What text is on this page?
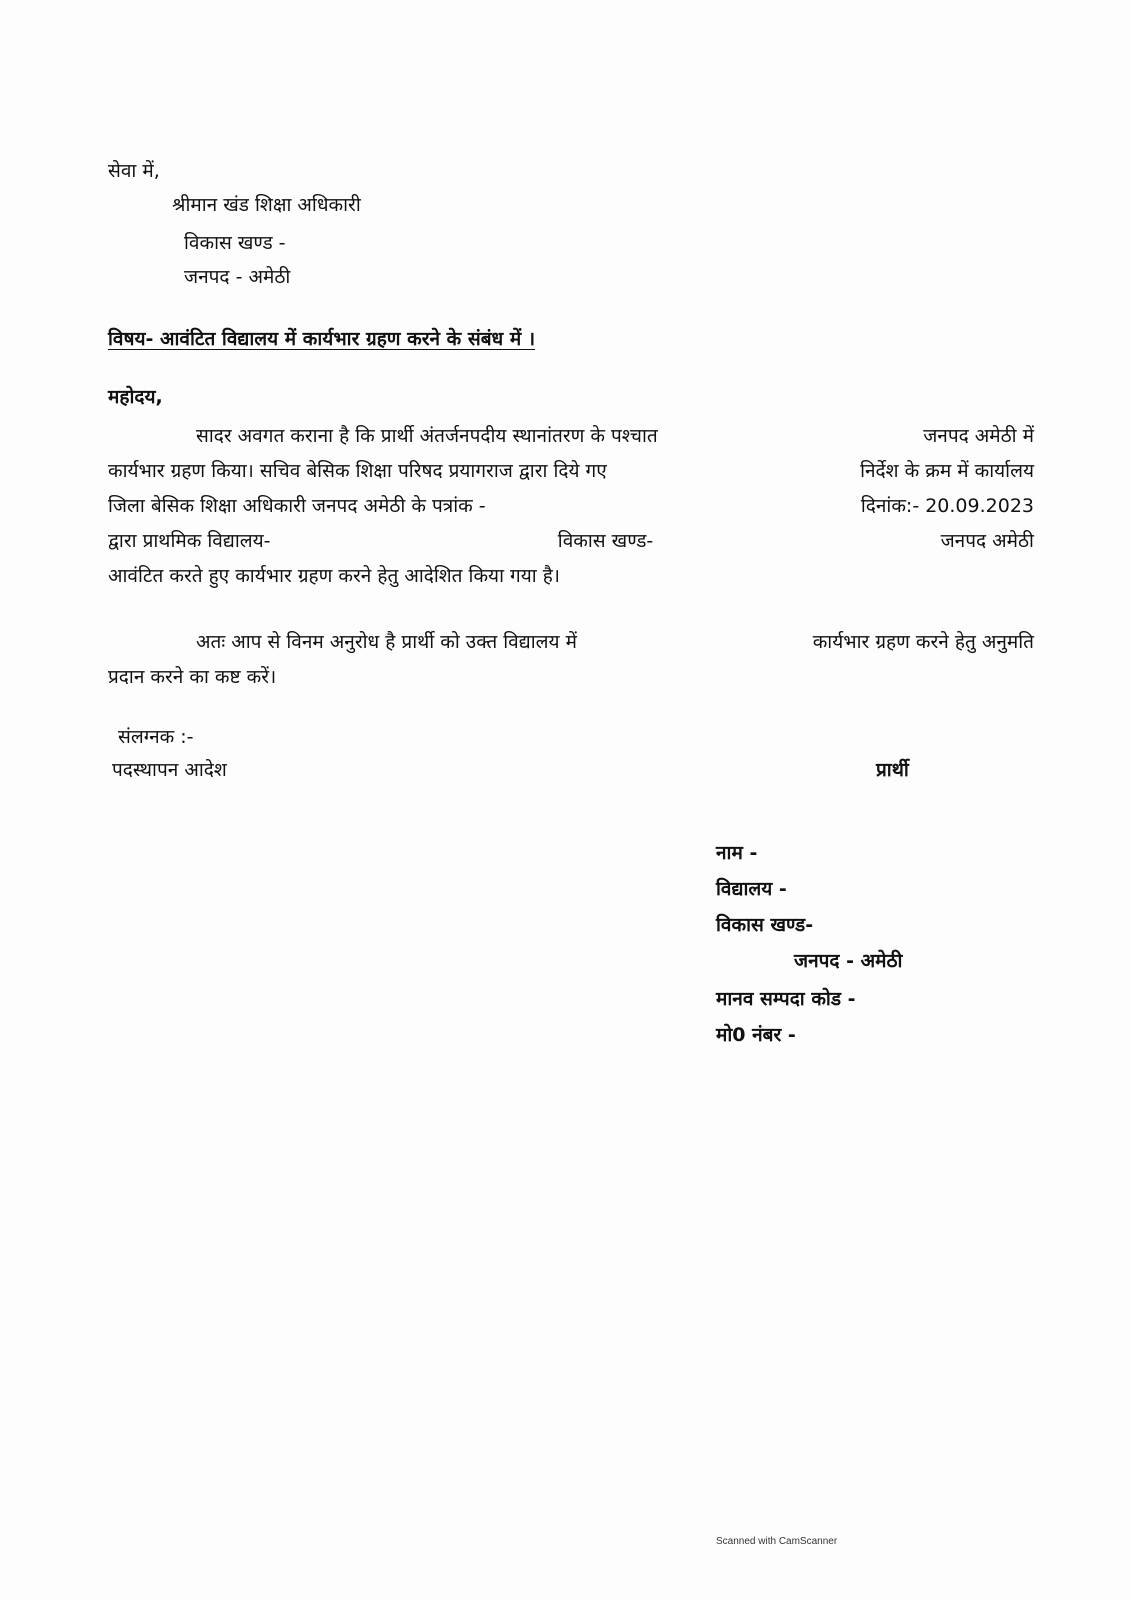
सेवा में,
श्रीमान खंड शिक्षा अधिकारी
विकास खण्ड -
जनपद - अमेठी
विषय- आवंटित विद्यालय में कार्यभार ग्रहण करने के संबंध में ।
महोदय,
सादर अवगत कराना है कि प्रार्थी अंतर्जनपदीय स्थानांतरण के पश्चात	जनपद अमेठी में
कार्यभार ग्रहण किया। सचिव बेसिक शिक्षा परिषद प्रयागराज द्वारा दिये गए	निर्देश के क्रम में कार्यालय
जिला बेसिक शिक्षा अधिकारी जनपद अमेठी के पत्रांक -	दिनांक:- 20.09.2023
द्वारा प्राथमिक विद्यालय-	विकास खण्ड-	जनपद अमेठी
आवंटित करते हुए कार्यभार ग्रहण करने हेतु आदेशित किया गया है।
अतः आप से विनम अनुरोध है प्रार्थी को उक्त विद्यालय में	कार्यभार ग्रहण करने हेतु अनुमति
प्रदान करने का कष्ट करें।
संलग्नक :-
पदस्थापन आदेश	प्रार्थी
नाम -
विद्यालय -
विकास खण्ड-
जनपद - अमेठी
मानव सम्पदा कोड -
मो0 नंबर -
Scanned with CamScanner
